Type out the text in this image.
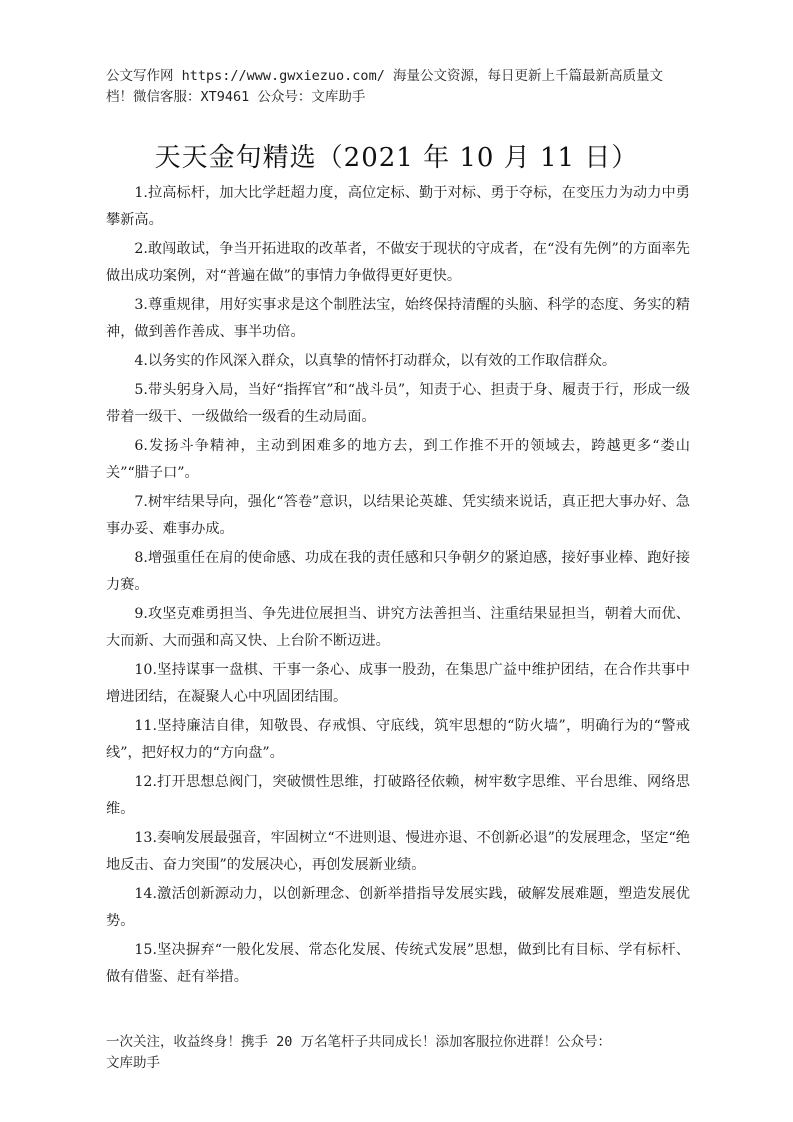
公文写作网 https://www.gwxiezuo.com/ 海量公文资源，每日更新上千篇最新高质量文
档！微信客服：XT9461 公众号：文库助手
天天金句精选（2021 年 10 月 11 日）

1.拉高标杆，加大比学赶超力度，高位定标、勤于对标、勇于夺标，在变压力为动力中勇攀新高。

2.敢闯敢试，争当开拓进取的改革者，不做安于现状的守成者，在“没有先例”的方面率先做出成功案例，对“普遍在做”的事情力争做得更好更快。

3.尊重规律，用好实事求是这个制胜法宝，始终保持清醒的头脑、科学的态度、务实的精神，做到善作善成、事半功倍。

4.以务实的作风深入群众，以真挚的情怀打动群众，以有效的工作取信群众。

5.带头躬身入局，当好“指挥官”和“战斗员”，知责于心、担责于身、履责于行，形成一级带着一级干、一级做给一级看的生动局面。

6.发扬斗争精神，主动到困难多的地方去，到工作推不开的领域去，跨越更多“娄山关”“腊子口”。

7.树牢结果导向，强化“答卷”意识，以结果论英雄、凭实绩来说话，真正把大事办好、急事办妥、难事办成。

8.增强重任在肩的使命感、功成在我的责任感和只争朝夕的紧迫感，接好事业棒、跑好接力赛。

9.攻坚克难勇担当、争先进位展担当、讲究方法善担当、注重结果显担当，朝着大而优、大而新、大而强和高又快、上台阶不断迈进。

10.坚持谋事一盘棋、干事一条心、成事一股劲，在集思广益中维护团结，在合作共事中增进团结，在凝聚人心中巩固团结围。

11.坚持廉洁自律，知敬畏、存戒惧、守底线，筑牢思想的“防火墙”，明确行为的“警戒线”，把好权力的“方向盘”。

12.打开思想总阀门，突破惯性思维，打破路径依赖，树牢数字思维、平台思维、网络思维。

13.奏响发展最强音，牢固树立“不进则退、慢进亦退、不创新必退”的发展理念，坚定“绝地反击、奋力突围”的发展决心，再创发展新业绩。

14.激活创新源动力，以创新理念、创新举措指导发展实践，破解发展难题，塑造发展优势。

15.坚决摒弃“一般化发展、常态化发展、传统式发展”思想，做到比有目标、学有标杆、做有借鉴、赶有举措。

一次关注，收益终身！携手 20 万名笔杆子共同成长！添加客服拉你进群！公众号：
文库助手
